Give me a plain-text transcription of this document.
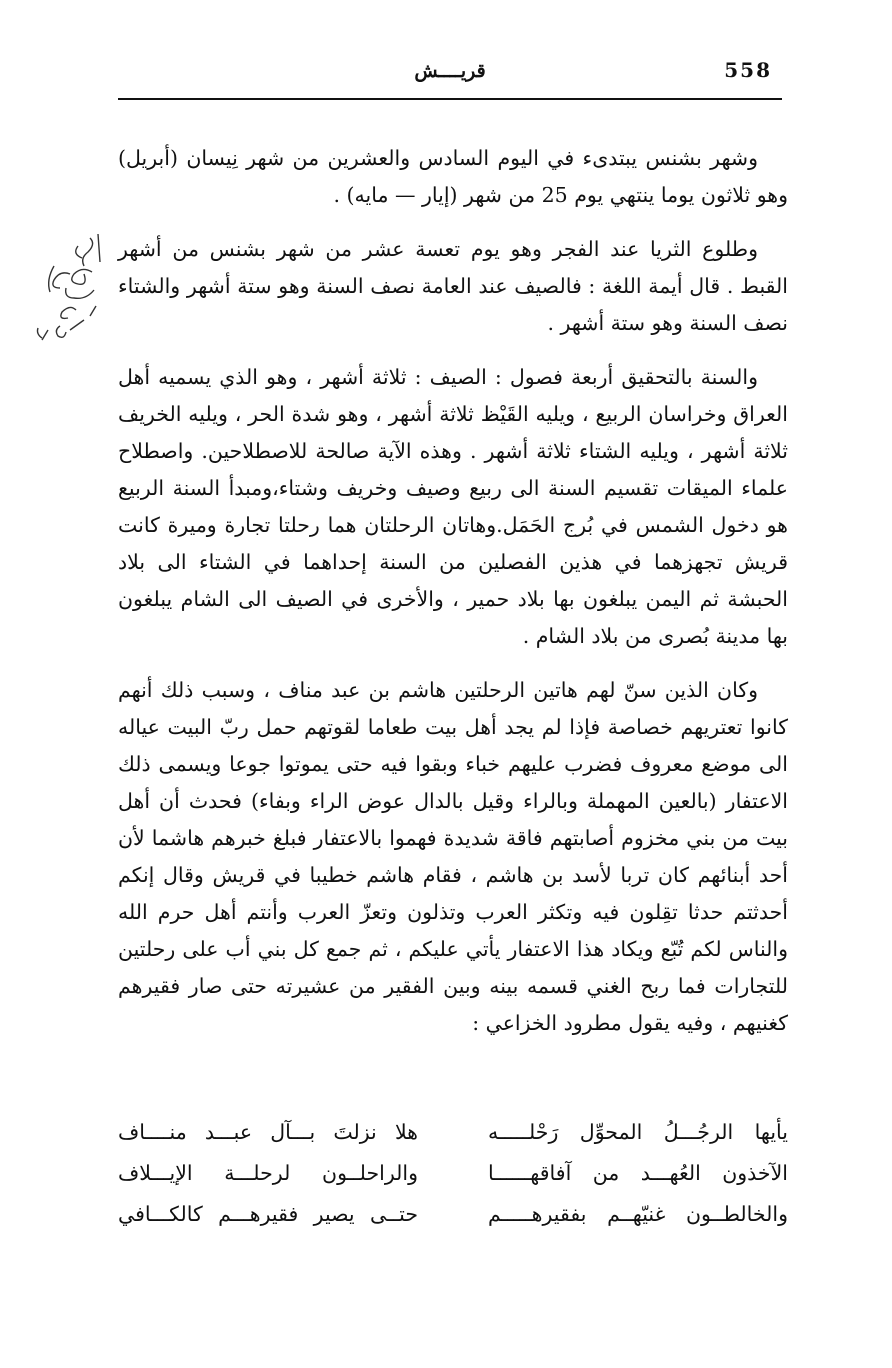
558
قريــــش

وشهر بشنس يبتدىء في اليوم السادس والعشرين من شهر نِيسان (أبريل) وهو ثلاثون يوما ينتهي يوم 25 من شهر (إيار — مايه) .

وطلوع الثريا عند الفجر وهو يوم تعسة عشر من شهر بشنس من أشهر القبط . قال أيمة اللغة : فالصيف عند العامة نصف السنة وهو ستة أشهر والشتاء نصف السنة وهو ستة أشهر .

والسنة بالتحقيق أربعة فصول : الصيف : ثلاثة أشهر ، وهو الذي يسميه أهل العراق وخراسان الربيع ، ويليه القَيْظ ثلاثة أشهر ، وهو شدة الحر ، ويليه الخريف ثلاثة أشهر ، ويليه الشتاء ثلاثة أشهر . وهذه الآية صالحة للاصطلاحين. واصطلاح علماء الميقات تقسيم السنة الى ربيع وصيف وخريف وشتاء،ومبدأ السنة الربيع هو دخول الشمس في بُرج الحَمَل.وهاتان الرحلتان هما رحلتا تجارة وميرة كانت قريش تجهزهما في هذين الفصلين من السنة إحداهما في الشتاء الى بلاد الحبشة ثم اليمن يبلغون بها بلاد حمير ، والأخرى في الصيف الى الشام يبلغون بها مدينة بُصرى من بلاد الشام .

وكان الذين سنّ لهم هاتين الرحلتين هاشم بن عبد مناف ، وسبب ذلك أنهم كانوا تعتريهم خصاصة فإذا لم يجد أهل بيت طعاما لقوتهم حمل ربّ البيت عياله الى موضع معروف فضرب عليهم خباء وبقوا فيه حتى يموتوا جوعا ويسمى ذلك الاعتفار (بالعين المهملة وبالراء وقيل بالدال عوض الراء وبفاء) فحدث أن أهل بيت من بني مخزوم أصابتهم فاقة شديدة فهموا بالاعتفار فبلغ خبرهم هاشما لأن أحد أبنائهم كان تربا لأسد بن هاشم ، فقام هاشم خطيبا في قريش وقال إنكم أحدثتم حدثا تقِلون فيه وتكثر العرب وتذلون وتعزّ العرب وأنتم أهل حرم الله والناس لكم تُبّع ويكاد هذا الاعتفار يأتي عليكم ، ثم جمع كل بني أب على رحلتين للتجارات فما ربح الغني قسمه بينه وبين الفقير من عشيرته حتى صار فقيرهم كغنيهم ، وفيه يقول مطرود الخزاعي :

يأيها الرجُـــلُ المحوِّل رَحْلـــــه
هلا نزلتَ بـــآل عبـــد منــــاف
الآخذون العُهـــد من آفاقهــــــا
والراحلــون لرحلـــة الإيـــلاف
والخالطــون غنيّهــم بفقيرهـــــم
حتــى يصير فقيرهـــم كالكـــافي
